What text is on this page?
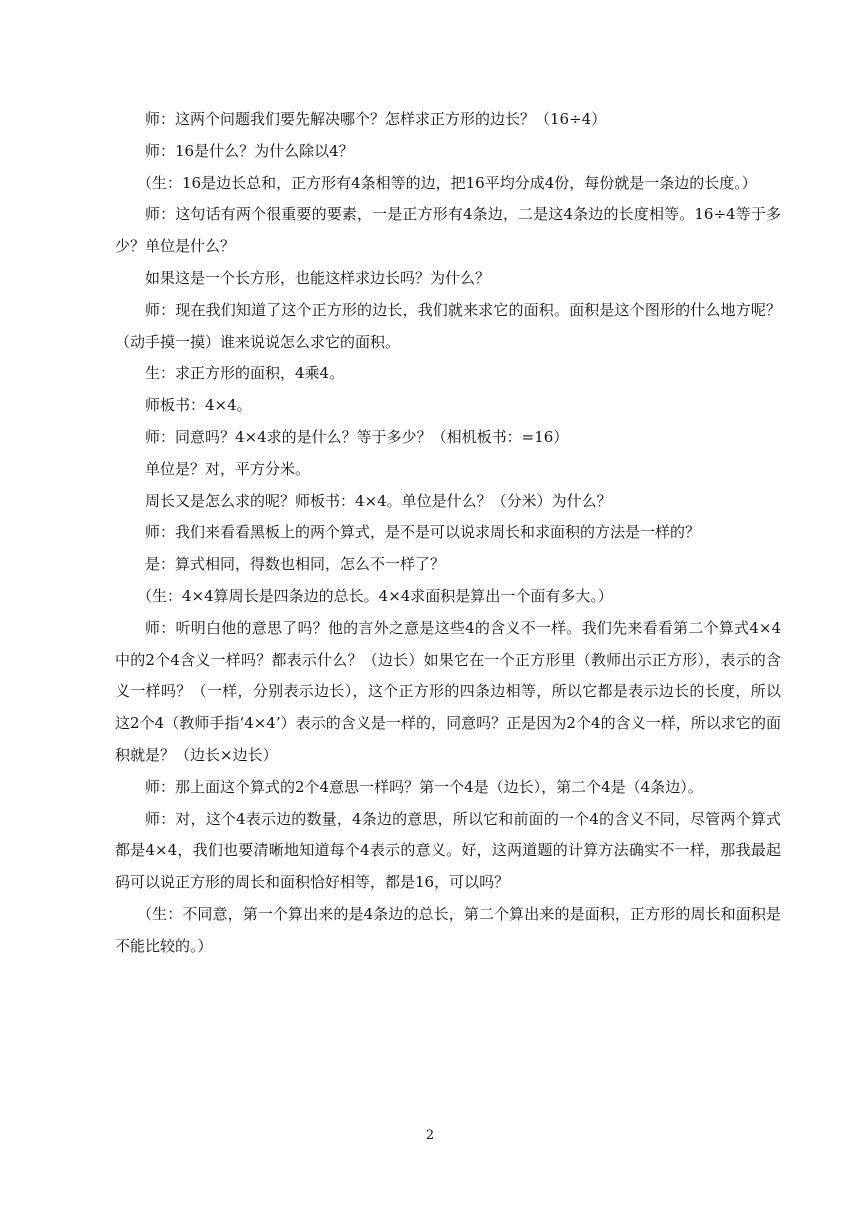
师：这两个问题我们要先解决哪个？怎样求正方形的边长？（16÷4）

师：16是什么？为什么除以4？

（生：16是边长总和，正方形有4条相等的边，把16平均分成4份，每份就是一条边的长度。）

师：这句话有两个很重要的要素，一是正方形有4条边，二是这4条边的长度相等。16÷4等于多少？单位是什么？

如果这是一个长方形，也能这样求边长吗？为什么？

师：现在我们知道了这个正方形的边长，我们就来求它的面积。面积是这个图形的什么地方呢？（动手摸一摸）谁来说说怎么求它的面积。

生：求正方形的面积，4乘4。

师板书：4×4。

师：同意吗？4×4求的是什么？等于多少？（相机板书：=16）

单位是？对，平方分米。

周长又是怎么求的呢？师板书：4×4。单位是什么？（分米）为什么？

师：我们来看看黑板上的两个算式，是不是可以说求周长和求面积的方法是一样的？

是：算式相同，得数也相同，怎么不一样了？

（生：4×4算周长是四条边的总长。4×4求面积是算出一个面有多大。）

师：听明白他的意思了吗？他的言外之意是这些4的含义不一样。我们先来看看第二个算式4×4中的2个4含义一样吗？都表示什么？（边长）如果它在一个正方形里（教师出示正方形），表示的含义一样吗？（一样，分别表示边长），这个正方形的四条边相等，所以它都是表示边长的长度，所以这2个4（教师手指‘4×4’）表示的含义是一样的，同意吗？正是因为2个4的含义一样，所以求它的面积就是？（边长×边长）

师：那上面这个算式的2个4意思一样吗？第一个4是（边长），第二个4是（4条边）。

师：对，这个4表示边的数量，4条边的意思，所以它和前面的一个4的含义不同，尽管两个算式都是4×4，我们也要清晰地知道每个4表示的意义。好，这两道题的计算方法确实不一样，那我最起码可以说正方形的周长和面积恰好相等，都是16，可以吗？

（生：不同意，第一个算出来的是4条边的总长，第二个算出来的是面积，正方形的周长和面积是不能比较的。）

2
